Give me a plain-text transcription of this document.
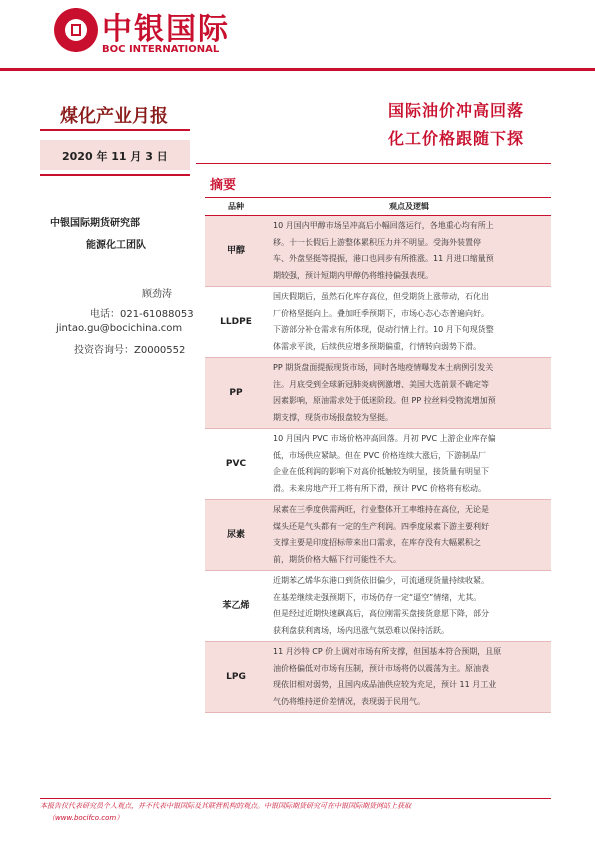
中银国际
BOC INTERNATIONAL
煤化产业月报
2020 年 11 月 3 日
中银国际期货研究部
能源化工团队
顾劲涛
电话：021-61088053
jintao.gu@bocichina.com
投资咨询号：Z0000552
国际油价冲高回落
化工价格跟随下探
摘要
品种	观点及逻辑
甲醇	10 月国内甲醇市场呈冲高后小幅回落运行，各地重心均有所上
移。十一长假后上游整体累积压力并不明显。受海外装置停
车、外盘坚挺等提振，港口也同步有所推涨。11 月进口缩量预
期较强，预计短期内甲醇仍将维持偏强表现。

LLDPE	国庆假期后，虽然石化库存高位，但受期货上涨带动，石化出
厂价格坚挺向上。叠加旺季预期下，市场心态心态普遍向好。
下游部分补仓需求有所体现，促动行情上行。10 月下旬现货整
体需求平淡，后续供应增多预期偏重，行情转向弱势下滑。

PP	PP 期货盘面提振现货市场，同时各地疫情曝发本土病例引发关
注。月底受到全球新冠肺炎病例激增、美国大选前景不确定等
因素影响，原油需求处于低迷阶段。但 PP 拉丝料受物流增加预
期支撑，现货市场报盘较为坚挺。

PVC	10 月国内 PVC 市场价格冲高回落。月初 PVC 上游企业库存偏
低，市场供应紧缺。但在 PVC 价格连续大涨后，下游制品厂
企业在低利润的影响下对高价抵触较为明显，接货量有明显下
滑。未来房地产开工将有所下滑，预计 PVC 价格将有松动。

尿素	尿素在三季度供需两旺，行业整体开工率维持在高位，无论是
煤头还是气头都有一定的生产利润。四季度尿素下游主要利好
支撑主要是印度招标带来出口需求，在库存没有大幅累积之
前，期货价格大幅下行可能性不大。

苯乙烯	近期苯乙烯华东港口到货依旧偏少，可流通现货量持续收紧。
在基差继续走强预期下，市场仍存一定“逼空”情绪，尤其。
但是经过近期快速飙高后，高位刚需买盘接货意愿下降，部分
获利盘获利离场，场内迅涨气氛恐难以保持活跃。

LPG	11 月沙特 CP 价上调对市场有所支撑，但国基本符合预期，且原
油价格偏低对市场有压制，预计市场将仍以震荡为主。原油表
现依旧相对弱势，且国内成品油供应较为充足，预计 11 月工业
气仍将维持逆价差情况，表现弱于民用气。
本报告仅代表研究员个人观点，并不代表中银国际及其联营机构的观点。中银国际期货研究可在中银国际期货网站上获取
（www.bocifco.com）
